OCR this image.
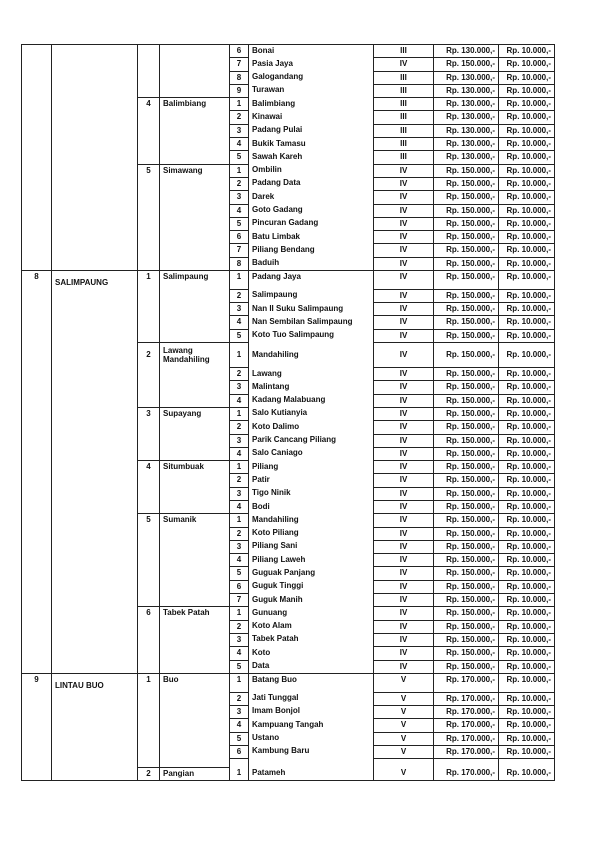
				6	Bonai	III	Rp. 130.000,-	Rp. 10.000,-
				7	Pasia Jaya	IV	Rp. 150.000,-	Rp. 10.000,-
				8	Galogandang	III	Rp. 130.000,-	Rp. 10.000,-
				9	Turawan	III	Rp. 130.000,-	Rp. 10.000,-
		4	Balimbiang	1	Balimbiang	III	Rp. 130.000,-	Rp. 10.000,-
				2	Kinawai	III	Rp. 130.000,-	Rp. 10.000,-
				3	Padang Pulai	III	Rp. 130.000,-	Rp. 10.000,-
				4	Bukik Tamasu	III	Rp. 130.000,-	Rp. 10.000,-
				5	Sawah Kareh	III	Rp. 130.000,-	Rp. 10.000,-
		5	Simawang	1	Ombilin	IV	Rp. 150.000,-	Rp. 10.000,-
				2	Padang Data	IV	Rp. 150.000,-	Rp. 10.000,-
				3	Darek	IV	Rp. 150.000,-	Rp. 10.000,-
				4	Goto Gadang	IV	Rp. 150.000,-	Rp. 10.000,-
				5	Pincuran Gadang	IV	Rp. 150.000,-	Rp. 10.000,-
				6	Batu Limbak	IV	Rp. 150.000,-	Rp. 10.000,-
				7	Piliang Bendang	IV	Rp. 150.000,-	Rp. 10.000,-
				8	Baduih	IV	Rp. 150.000,-	Rp. 10.000,-
8	SALIMPAUNG	1	Salimpaung	1	Padang Jaya	IV	Rp. 150.000,-	Rp. 10.000,-
				2	Salimpaung	IV	Rp. 150.000,-	Rp. 10.000,-
				3	Nan II Suku Salimpaung	IV	Rp. 150.000,-	Rp. 10.000,-
				4	Nan Sembilan Salimpaung	IV	Rp. 150.000,-	Rp. 10.000,-
				5	Koto Tuo Salimpaung	IV	Rp. 150.000,-	Rp. 10.000,-
		2	Lawang Mandahiling	1	Mandahiling	IV	Rp. 150.000,-	Rp. 10.000,-
				2	Lawang	IV	Rp. 150.000,-	Rp. 10.000,-
				3	Malintang	IV	Rp. 150.000,-	Rp. 10.000,-
				4	Kadang Malabuang	IV	Rp. 150.000,-	Rp. 10.000,-
		3	Supayang	1	Salo Kutianyia	IV	Rp. 150.000,-	Rp. 10.000,-
				2	Koto Dalimo	IV	Rp. 150.000,-	Rp. 10.000,-
				3	Parik Cancang Piliang	IV	Rp. 150.000,-	Rp. 10.000,-
				4	Salo Caniago	IV	Rp. 150.000,-	Rp. 10.000,-
		4	Situmbuak	1	Piliang	IV	Rp. 150.000,-	Rp. 10.000,-
				2	Patir	IV	Rp. 150.000,-	Rp. 10.000,-
				3	Tigo Ninik	IV	Rp. 150.000,-	Rp. 10.000,-
				4	Bodi	IV	Rp. 150.000,-	Rp. 10.000,-
		5	Sumanik	1	Mandahiling	IV	Rp. 150.000,-	Rp. 10.000,-
				2	Koto Piliang	IV	Rp. 150.000,-	Rp. 10.000,-
				3	Piliang Sani	IV	Rp. 150.000,-	Rp. 10.000,-
				4	Piliang Laweh	IV	Rp. 150.000,-	Rp. 10.000,-
				5	Guguak Panjang	IV	Rp. 150.000,-	Rp. 10.000,-
				6	Guguk Tinggi	IV	Rp. 150.000,-	Rp. 10.000,-
				7	Guguk Manih	IV	Rp. 150.000,-	Rp. 10.000,-
		6	Tabek Patah	1	Gunuang	IV	Rp. 150.000,-	Rp. 10.000,-
				2	Koto Alam	IV	Rp. 150.000,-	Rp. 10.000,-
				3	Tabek Patah	IV	Rp. 150.000,-	Rp. 10.000,-
				4	Koto	IV	Rp. 150.000,-	Rp. 10.000,-
				5	Data	IV	Rp. 150.000,-	Rp. 10.000,-
9	LINTAU BUO	1	Buo	1	Batang Buo	V	Rp. 170.000,-	Rp. 10.000,-
				2	Jati Tunggal	V	Rp. 170.000,-	Rp. 10.000,-
				3	Imam Bonjol	V	Rp. 170.000,-	Rp. 10.000,-
				4	Kampuang Tangah	V	Rp. 170.000,-	Rp. 10.000,-
				5	Ustano	V	Rp. 170.000,-	Rp. 10.000,-
				6	Kambung Baru	V	Rp. 170.000,-	Rp. 10.000,-

		2	Pangian	1	Patameh	V	Rp. 170.000,-	Rp. 10.000,-
